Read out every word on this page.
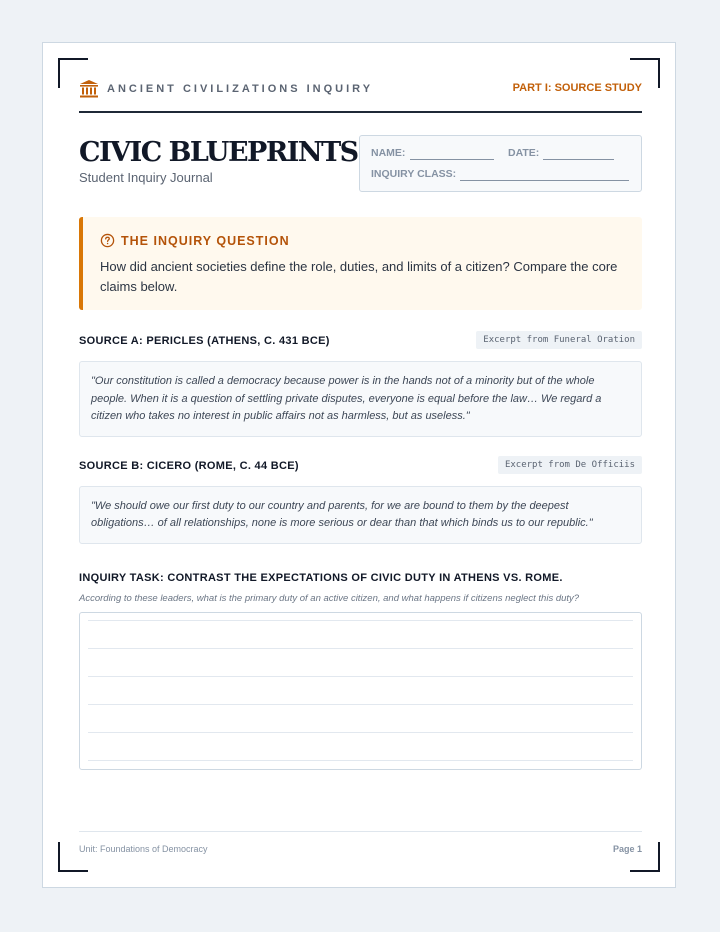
ANCIENT CIVILIZATIONS INQUIRY	PART I: SOURCE STUDY
CIVIC BLUEPRINTS
Student Inquiry Journal
NAME:	DATE:
INQUIRY CLASS:
THE INQUIRY QUESTION
How did ancient societies define the role, duties, and limits of a citizen? Compare the core claims below.
SOURCE A: PERICLES (ATHENS, C. 431 BCE)	Excerpt from Funeral Oration
"Our constitution is called a democracy because power is in the hands not of a minority but of the whole people. When it is a question of settling private disputes, everyone is equal before the law… We regard a citizen who takes no interest in public affairs not as harmless, but as useless."
SOURCE B: CICERO (ROME, C. 44 BCE)	Excerpt from De Officiis
"We should owe our first duty to our country and parents, for we are bound to them by the deepest obligations… of all relationships, none is more serious or dear than that which binds us to our republic."
INQUIRY TASK: CONTRAST THE EXPECTATIONS OF CIVIC DUTY IN ATHENS VS. ROME.
According to these leaders, what is the primary duty of an active citizen, and what happens if citizens neglect this duty?
Unit: Foundations of Democracy	Page 1
